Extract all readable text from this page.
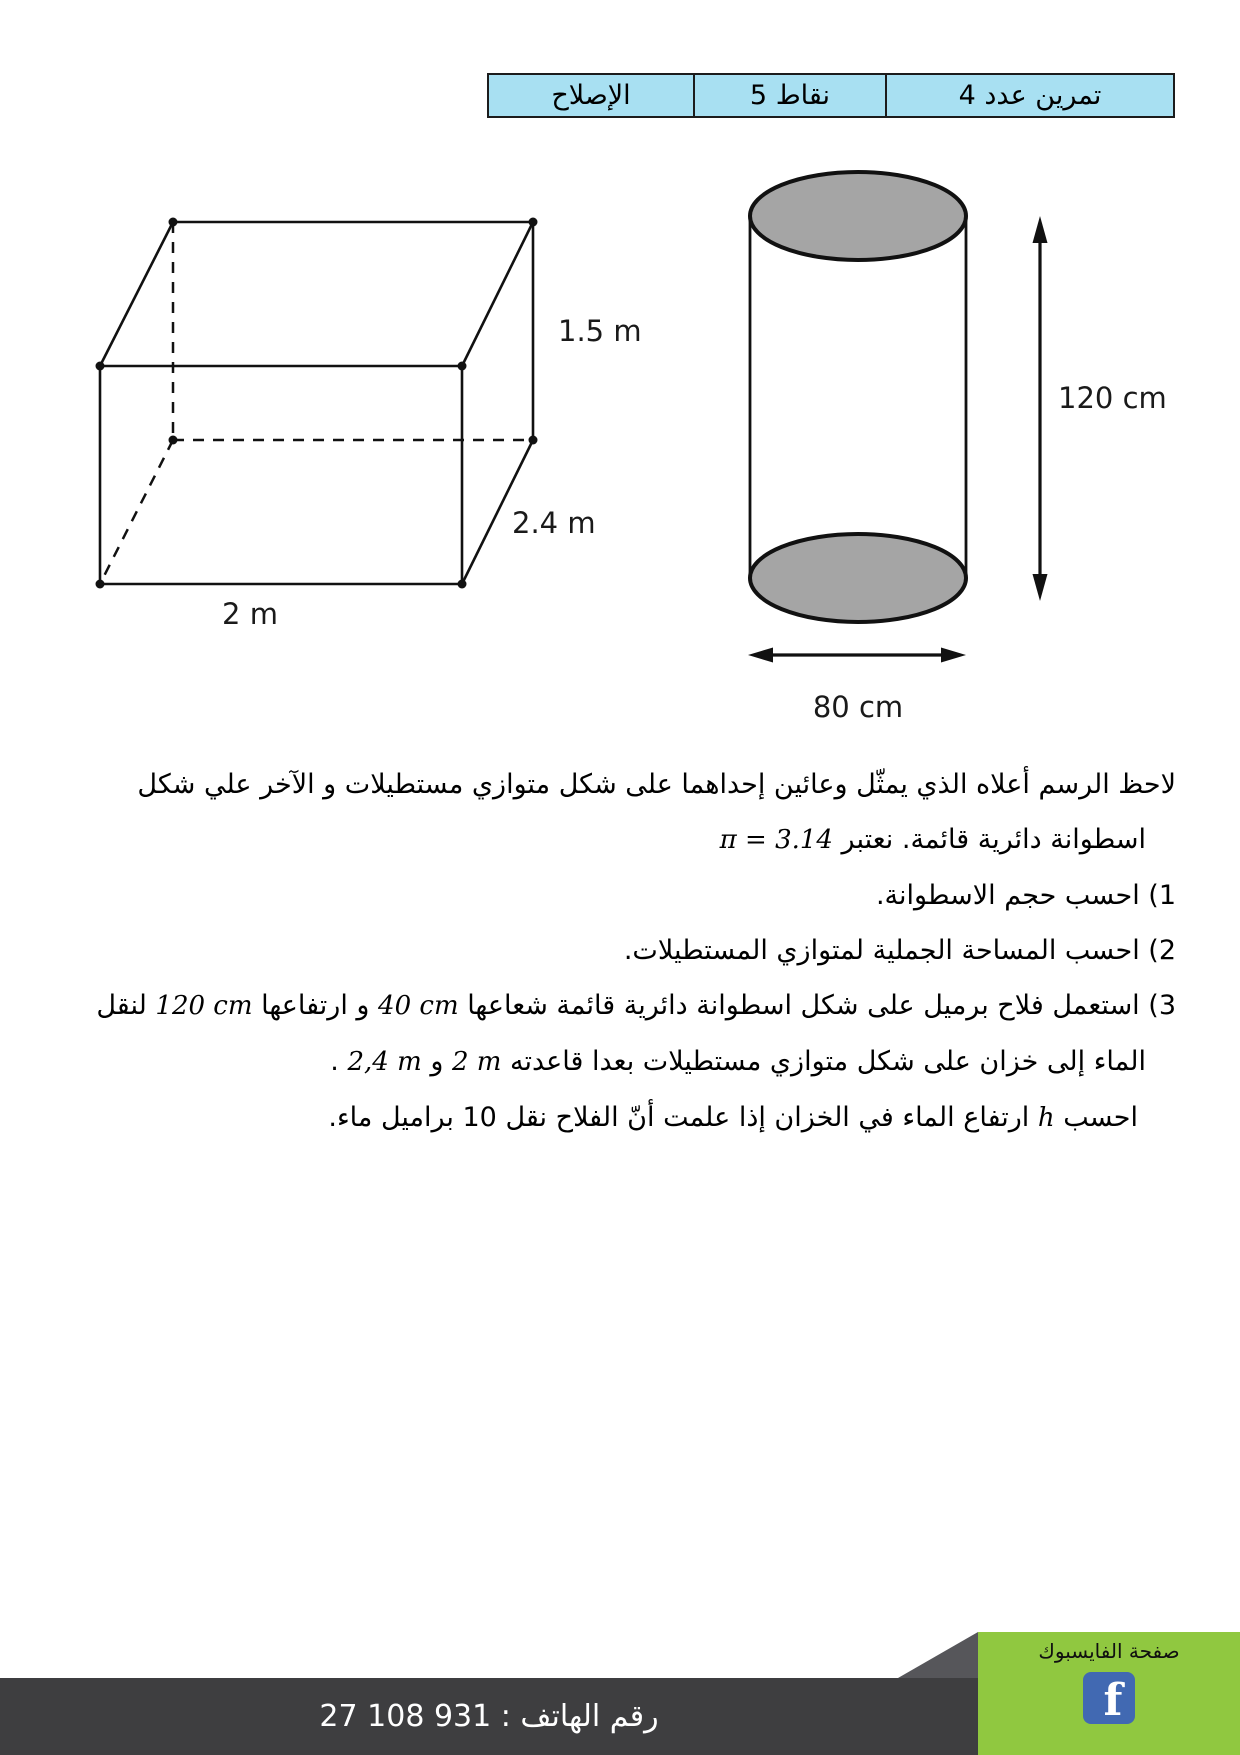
الإصلاح	5 نقاط	تمرين عدد 4
1.5 m
2.4 m
2 m
120 cm
80 cm
لاحظ الرسم أعلاه الذي يمثّل وعائين إحداهما على شكل متوازي مستطيلات و الآخر علي شكل
اسطوانة دائرية قائمة. نعتبر π = 3.14
1) احسب حجم الاسطوانة.
2) احسب المساحة الجملية لمتوازي المستطيلات.
3) استعمل فلاح برميل على شكل اسطوانة دائرية قائمة شعاعها 40 cm و ارتفاعها 120 cm لنقل
الماء إلى خزان على شكل متوازي مستطيلات بعدا قاعدته 2 m و 2,4 m .
احسب h ارتفاع الماء في الخزان إذا علمت أنّ الفلاح نقل 10 براميل ماء.
رقم الهاتف : 931 108 27
صفحة الفايسبوك
f
